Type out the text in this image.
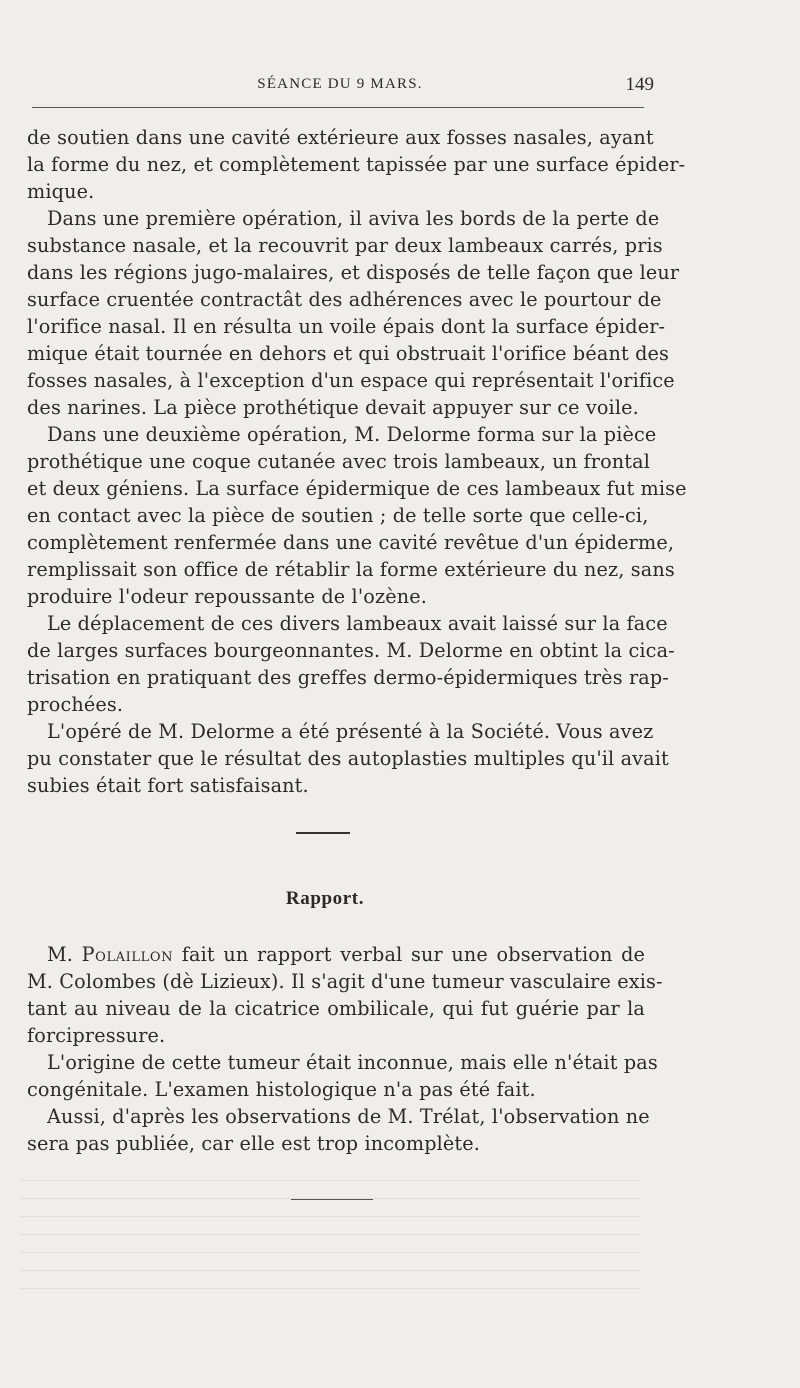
SÉANCE DU 9 MARS.	149
de soutien dans une cavité extérieure aux fosses nasales, ayant
la forme du nez, et complètement tapissée par une surface épider-
mique.
Dans une première opération, il aviva les bords de la perte de
substance nasale, et la recouvrit par deux lambeaux carrés, pris
dans les régions jugo-malaires, et disposés de telle façon que leur
surface cruentée contractât des adhérences avec le pourtour de
l'orifice nasal. Il en résulta un voile épais dont la surface épider-
mique était tournée en dehors et qui obstruait l'orifice béant des
fosses nasales, à l'exception d'un espace qui représentait l'orifice
des narines. La pièce prothétique devait appuyer sur ce voile.
Dans une deuxième opération, M. Delorme forma sur la pièce
prothétique une coque cutanée avec trois lambeaux, un frontal
et deux géniens. La surface épidermique de ces lambeaux fut mise
en contact avec la pièce de soutien ; de telle sorte que celle-ci,
complètement renfermée dans une cavité revêtue d'un épiderme,
remplissait son office de rétablir la forme extérieure du nez, sans
produire l'odeur repoussante de l'ozène.
Le déplacement de ces divers lambeaux avait laissé sur la face
de larges surfaces bourgeonnantes. M. Delorme en obtint la cica-
trisation en pratiquant des greffes dermo-épidermiques très rap-
prochées.
L'opéré de M. Delorme a été présenté à la Société. Vous avez
pu constater que le résultat des autoplasties multiples qu'il avait
subies était fort satisfaisant.
Rapport.
M. Polaillon fait un rapport verbal sur une observation de
M. Colombes (dè Lizieux). Il s'agit d'une tumeur vasculaire exis-
tant au niveau de la cicatrice ombilicale, qui fut guérie par la
forcipressure.
L'origine de cette tumeur était inconnue, mais elle n'était pas
congénitale. L'examen histologique n'a pas été fait.
Aussi, d'après les observations de M. Trélat, l'observation ne
sera pas publiée, car elle est trop incomplète.
